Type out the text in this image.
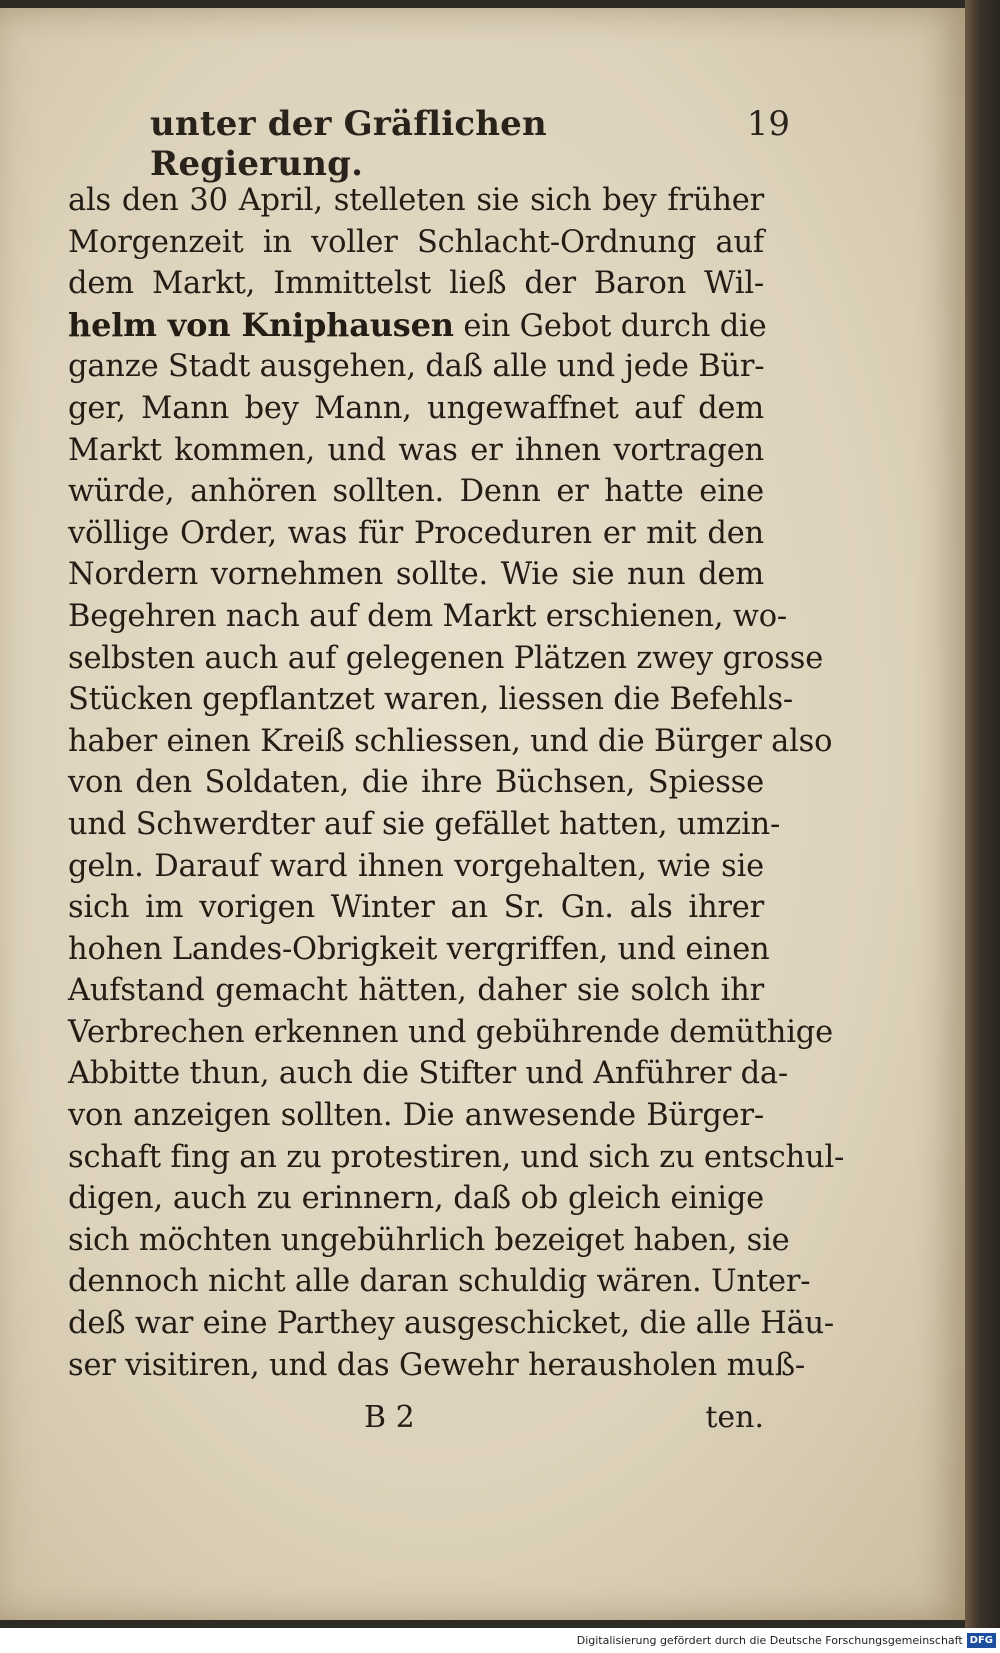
unter der Gräflichen Regierung.
19
als den 30 April, stelleten sie sich bey früher
Morgenzeit in voller Schlacht-Ordnung auf
dem Markt, Immittelst ließ der Baron Wil-
helm von Kniphausen ein Gebot durch die
ganze Stadt ausgehen, daß alle und jede Bür-
ger, Mann bey Mann, ungewaffnet auf dem
Markt kommen, und was er ihnen vortragen
würde, anhören sollten. Denn er hatte eine
völlige Order, was für Proceduren er mit den
Nordern vornehmen sollte. Wie sie nun dem
Begehren nach auf dem Markt erschienen, wo-
selbsten auch auf gelegenen Plätzen zwey grosse
Stücken gepflantzet waren, liessen die Befehls-
haber einen Kreiß schliessen, und die Bürger also
von den Soldaten, die ihre Büchsen, Spiesse
und Schwerdter auf sie gefället hatten, umzin-
geln. Darauf ward ihnen vorgehalten, wie sie
sich im vorigen Winter an Sr. Gn. als ihrer
hohen Landes-Obrigkeit vergriffen, und einen
Aufstand gemacht hätten, daher sie solch ihr
Verbrechen erkennen und gebührende demüthige
Abbitte thun, auch die Stifter und Anführer da-
von anzeigen sollten. Die anwesende Bürger-
schaft fing an zu protestiren, und sich zu entschul-
digen, auch zu erinnern, daß ob gleich einige
sich möchten ungebührlich bezeiget haben, sie
dennoch nicht alle daran schuldig wären. Unter-
deß war eine Parthey ausgeschicket, die alle Häu-
ser visitiren, und das Gewehr herausholen muß-
B 2	ten.
Digitalisierung gefördert durch die Deutsche Forschungsgemeinschaft DFG
